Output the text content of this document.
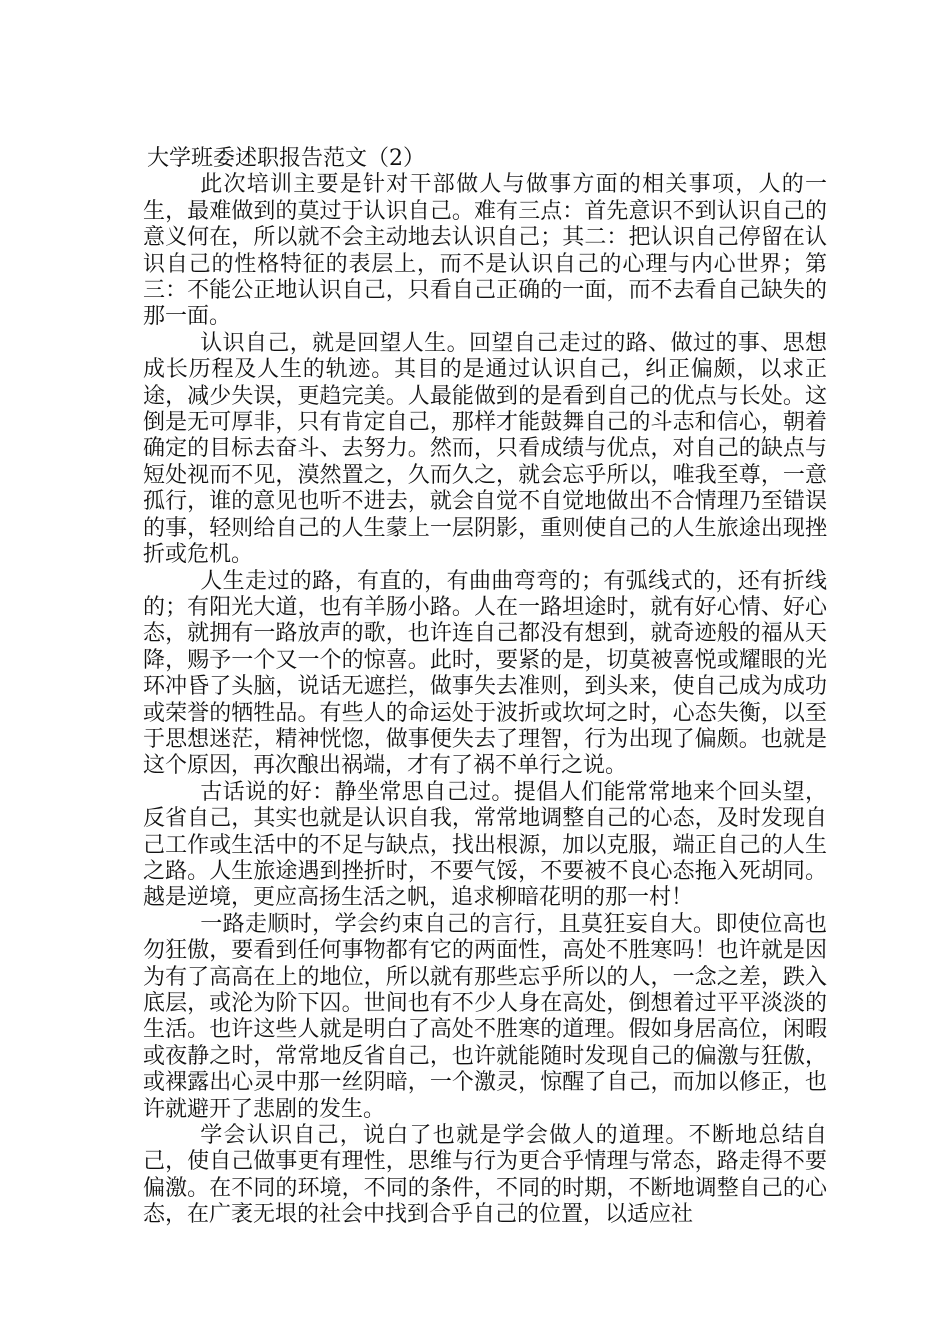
大学班委述职报告范文（2）

此次培训主要是针对干部做人与做事方面的相关事项，人的一生，最难做到的莫过于认识自己。难有三点：首先意识不到认识自己的意义何在，所以就不会主动地去认识自己；其二：把认识自己停留在认识自己的性格特征的表层上，而不是认识自己的心理与内心世界；第三：不能公正地认识自己，只看自己正确的一面，而不去看自己缺失的那一面。

认识自己，就是回望人生。回望自己走过的路、做过的事、思想成长历程及人生的轨迹。其目的是通过认识自己，纠正偏颇，以求正途，减少失误，更趋完美。人最能做到的是看到自己的优点与长处。这倒是无可厚非，只有肯定自己，那样才能鼓舞自己的斗志和信心，朝着确定的目标去奋斗、去努力。然而，只看成绩与优点，对自己的缺点与短处视而不见，漠然置之，久而久之，就会忘乎所以，唯我至尊，一意孤行，谁的意见也听不进去，就会自觉不自觉地做出不合情理乃至错误的事，轻则给自己的人生蒙上一层阴影，重则使自己的人生旅途出现挫折或危机。

人生走过的路，有直的，有曲曲弯弯的；有弧线式的，还有折线的；有阳光大道，也有羊肠小路。人在一路坦途时，就有好心情、好心态，就拥有一路放声的歌，也许连自己都没有想到，就奇迹般的福从天降，赐予一个又一个的惊喜。此时，要紧的是，切莫被喜悦或耀眼的光环冲昏了头脑，说话无遮拦，做事失去准则，到头来，使自己成为成功或荣誉的牺牲品。有些人的命运处于波折或坎坷之时，心态失衡，以至于思想迷茫，精神恍惚，做事便失去了理智，行为出现了偏颇。也就是这个原因，再次酿出祸端，才有了祸不单行之说。

古话说的好：静坐常思自己过。提倡人们能常常地来个回头望，反省自己，其实也就是认识自我，常常地调整自己的心态，及时发现自己工作或生活中的不足与缺点，找出根源，加以克服，端正自己的人生之路。人生旅途遇到挫折时，不要气馁，不要被不良心态拖入死胡同。越是逆境，更应高扬生活之帆，追求柳暗花明的那一村！

一路走顺时，学会约束自己的言行，且莫狂妄自大。即使位高也勿狂傲，要看到任何事物都有它的两面性，高处不胜寒吗！也许就是因为有了高高在上的地位，所以就有那些忘乎所以的人，一念之差，跌入底层，或沦为阶下囚。世间也有不少人身在高处，倒想着过平平淡淡的生活。也许这些人就是明白了高处不胜寒的道理。假如身居高位，闲暇或夜静之时，常常地反省自己，也许就能随时发现自己的偏激与狂傲，或裸露出心灵中那一丝阴暗，一个激灵，惊醒了自己，而加以修正，也许就避开了悲剧的发生。

学会认识自己，说白了也就是学会做人的道理。不断地总结自己，使自己做事更有理性，思维与行为更合乎情理与常态，路走得不要偏激。在不同的环境，不同的条件，不同的时期，不断地调整自己的心态，在广袤无垠的社会中找到合乎自己的位置，以适应社
